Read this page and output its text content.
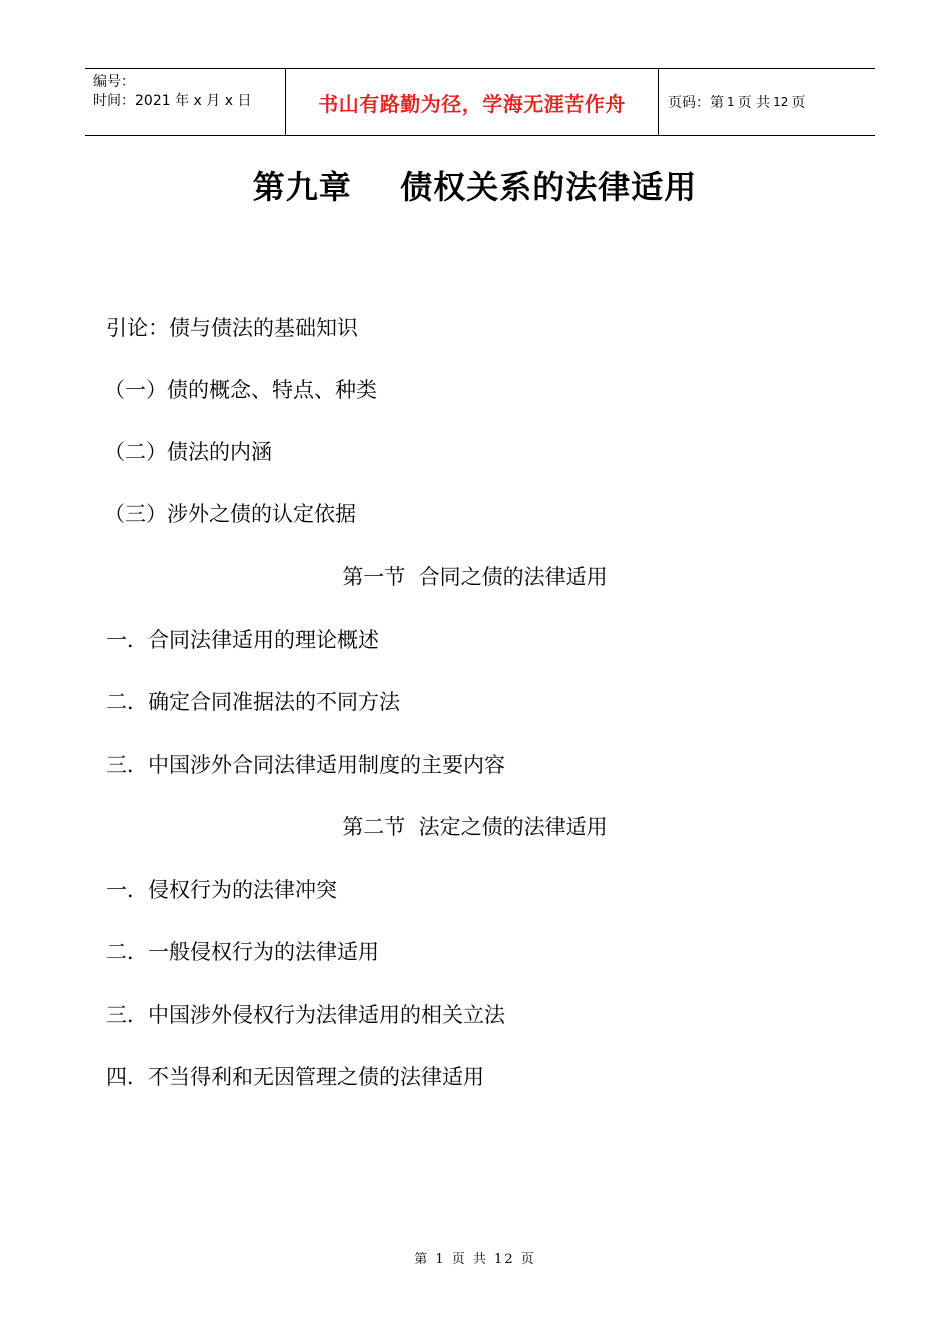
编号：
时间：2021 年 x 月 x 日	书山有路勤为径，学海无涯苦作舟	页码：第 1 页 共 12 页
第九章    债权关系的法律适用
引论：债与债法的基础知识
（一）债的概念、特点、种类
（二）债法的内涵
（三）涉外之债的认定依据
第一节  合同之债的法律适用
一．合同法律适用的理论概述
二．确定合同准据法的不同方法
三．中国涉外合同法律适用制度的主要内容
第二节  法定之债的法律适用
一．侵权行为的法律冲突
二．一般侵权行为的法律适用
三．中国涉外侵权行为法律适用的相关立法
四．不当得利和无因管理之债的法律适用
第 1 页 共 12 页
